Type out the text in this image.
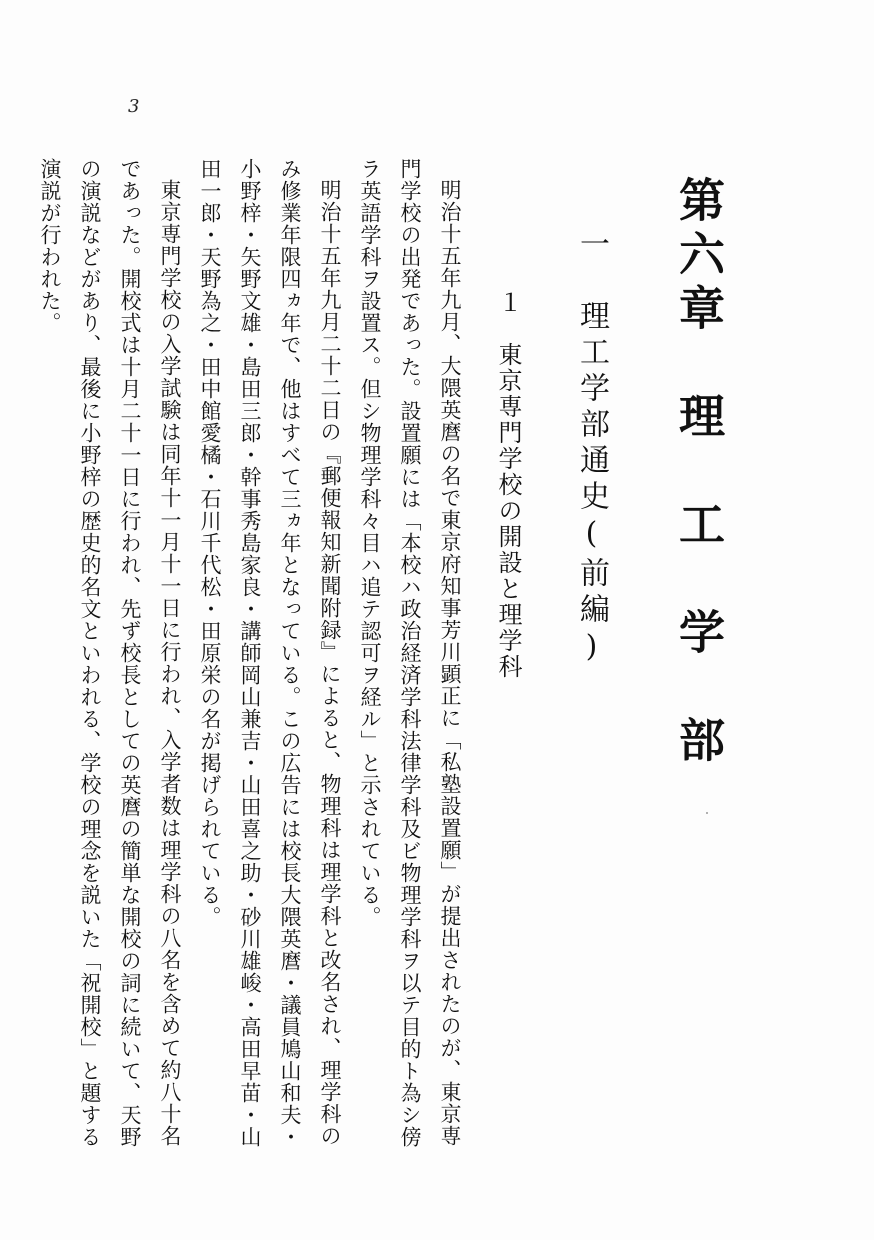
3
第六章　理　工　学　部
一　理工学部通史(前編)
１　東京専門学校の開設と理学科

明治十五年九月、大隈英麿の名で東京府知事芳川顕正に「私塾設置願」が提出されたのが、東京専門学校の出発であった。設置願には「本校ハ政治経済学科法律学科及ビ物理学科ヲ以テ目的ト為シ傍ラ英語学科ヲ設置ス。但シ物理学科々目ハ追テ認可ヲ経ル」と示されている。

明治十五年九月二十二日の『郵便報知新聞附録』によると、物理科は理学科と改名され、理学科のみ修業年限四ヵ年で、他はすべて三ヵ年となっている。この広告には校長大隈英麿・議員鳩山和夫・小野梓・矢野文雄・島田三郎・幹事秀島家良・講師岡山兼吉・山田喜之助・砂川雄峻・高田早苗・山田一郎・天野為之・田中館愛橘・石川千代松・田原栄の名が掲げられている。

東京専門学校の入学試験は同年十一月十一日に行われ、入学者数は理学科の八名を含めて約八十名であった。開校式は十月二十一日に行われ、先ず校長としての英麿の簡単な開校の詞に続いて、天野の演説などがあり、最後に小野梓の歴史的名文といわれる、学校の理念を説いた「祝開校」と題する演説が行われた。
